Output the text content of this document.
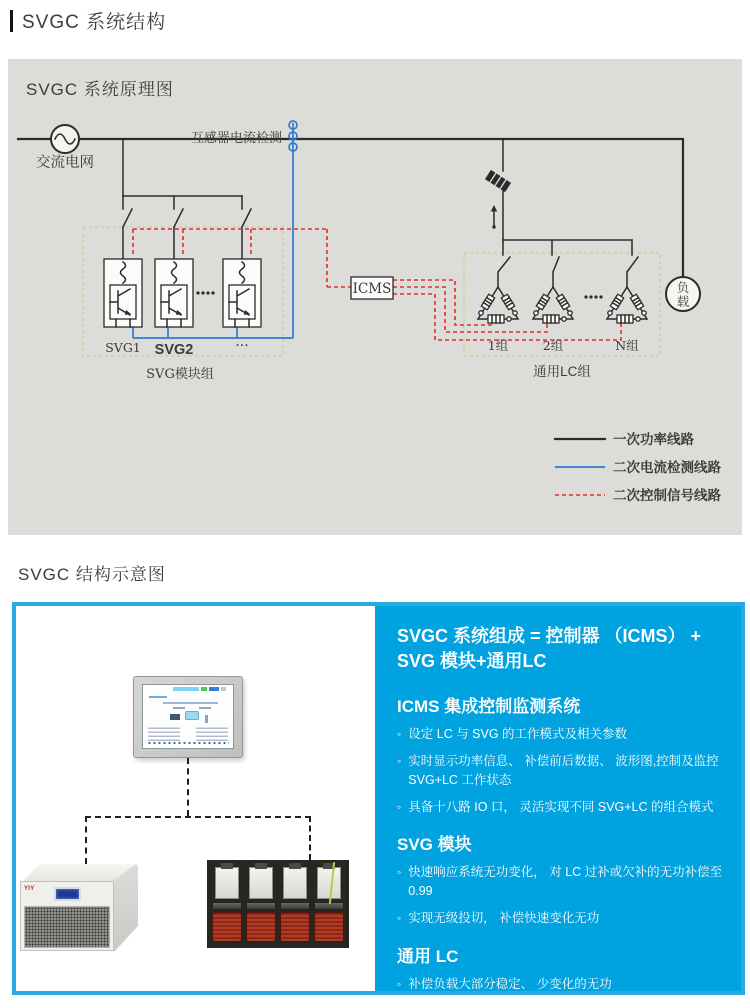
SVGC 系统结构
SVGC 系统原理图
交流电网
互感器电流检测
SVG1 SVG2	···
SVG模块组
ICMS
1组	2组	N组
通用LC组
负
载
一次功率线路
二次电流检测线路
二次控制信号线路
SVGC 结构示意图
YIY
SVGC 系统组成 = 控制器 （ICMS） + SVG 模块+通用LC
ICMS 集成控制监测系统
◦ 设定 LC 与 SVG 的工作模式及相关参数
◦ 实时显示功率信息、 补偿前后数据、 波形图,控制及监控 SVG+LC 工作状态
◦ 具备十八路 IO 口， 灵活实现不同 SVG+LC 的组合模式
SVG 模块
◦ 快速响应系统无功变化， 对 LC 过补或欠补的无功补偿至 0.99
◦ 实现无级投切， 补偿快速变化无功
通用 LC
◦ 补偿负载大部分稳定、 少变化的无功
